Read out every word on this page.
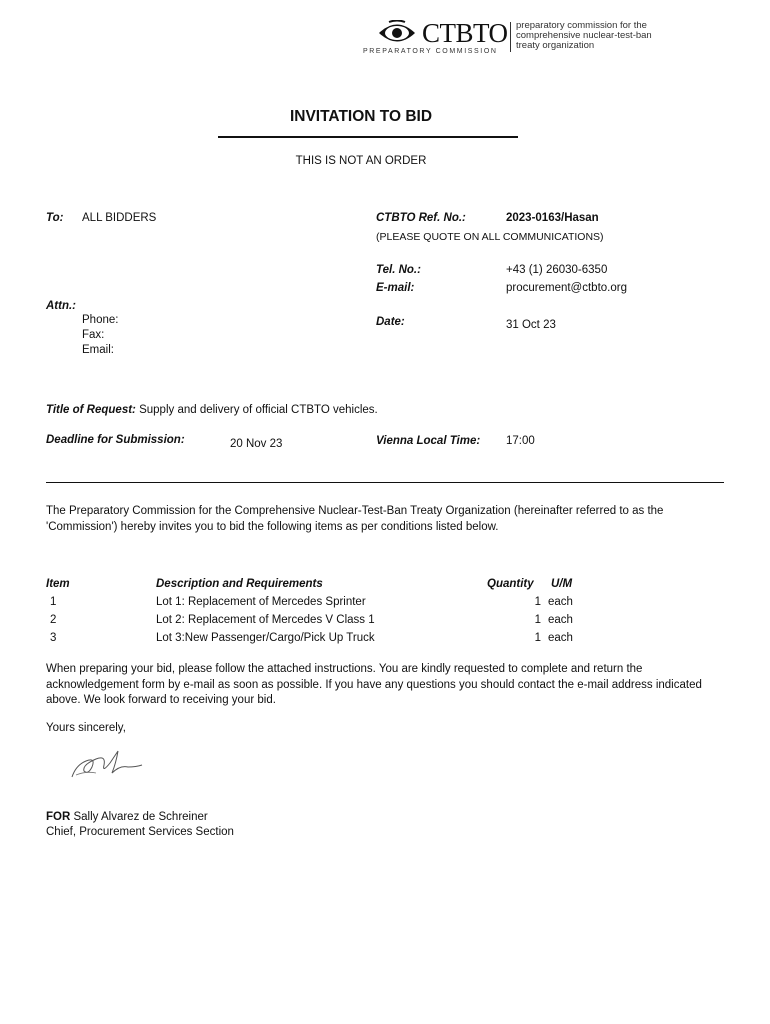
CTBTO preparatory commission for the
comprehensive nuclear-test-ban
treaty organization
PREPARATORY COMMISSION
INVITATION TO BID
THIS IS NOT AN ORDER
To: ALL BIDDERS
Attn.:
Phone:
Fax:
Email:
CTBTO Ref. No.:	2023-0163/Hasan
(PLEASE QUOTE ON ALL COMMUNICATIONS)
Tel. No.:	+43 (1) 26030-6350
E-mail:	procurement@ctbto.org
Date:	31 Oct 23
Title of Request: Supply and delivery of official CTBTO vehicles.
Deadline for Submission:	20 Nov 23	Vienna Local Time: 17:00
The Preparatory Commission for the Comprehensive Nuclear-Test-Ban Treaty Organization (hereinafter referred to as the 'Commission') hereby invites you to bid the following items as per conditions listed below.
Item	Description and Requirements	Quantity U/M
1	Lot 1: Replacement of Mercedes Sprinter	1 each
2	Lot 2: Replacement of Mercedes V Class 1	1 each
3	Lot 3:New Passenger/Cargo/Pick Up Truck	1 each
When preparing your bid, please follow the attached instructions. You are kindly requested to complete and return the acknowledgement form by e-mail as soon as possible. If you have any questions you should contact the e-mail address indicated above. We look forward to receiving your bid.
Yours sincerely,
FOR Sally Alvarez de Schreiner
Chief, Procurement Services Section
